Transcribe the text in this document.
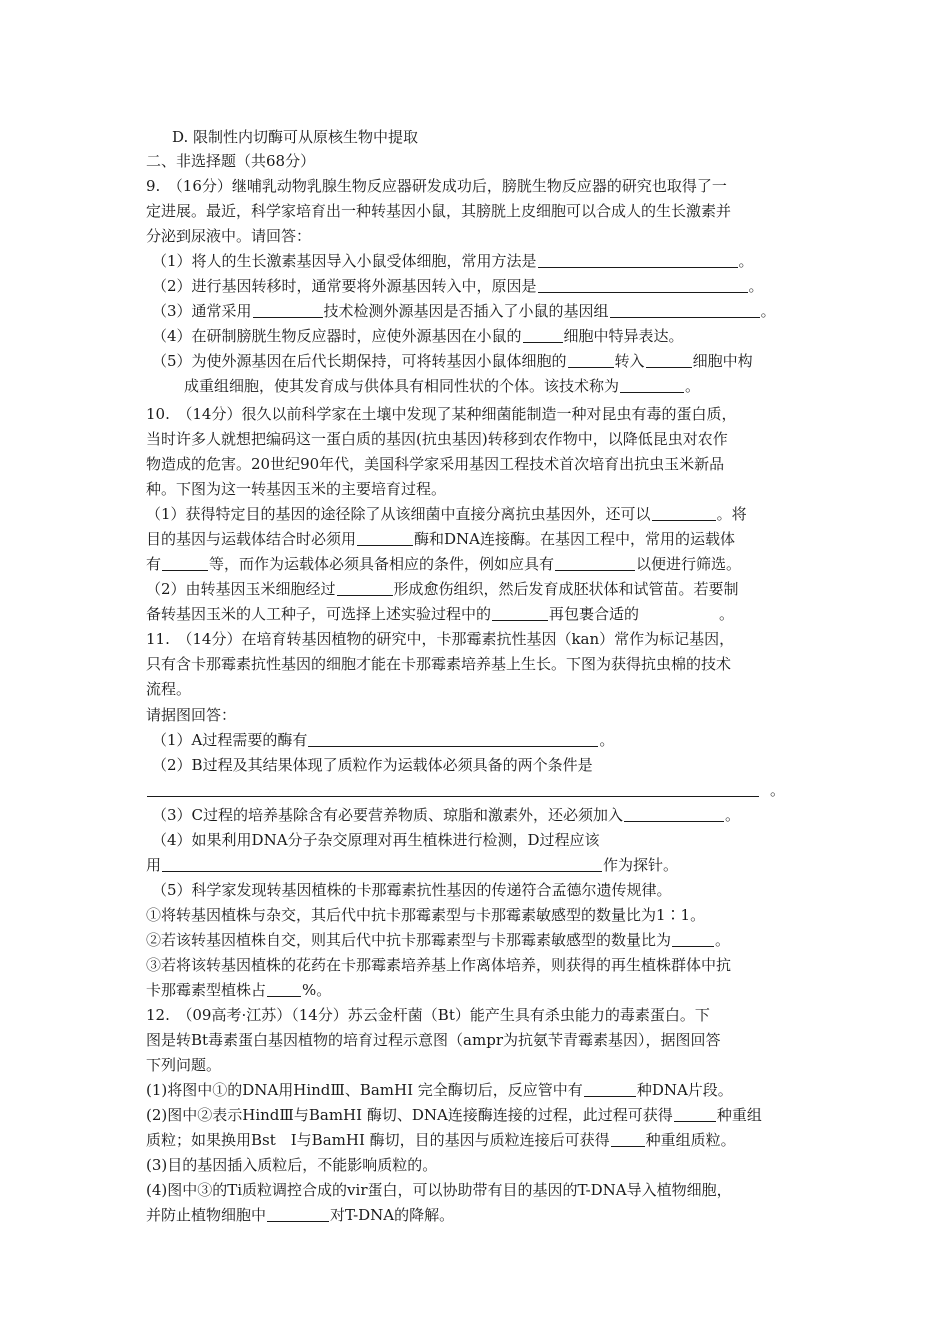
D. 限制性内切酶可从原核生物中提取
二、非选择题（共68分）
9.　（16分）继哺乳动物乳腺生物反应器研发成功后，膀胱生物反应器的研究也取得了一
定进展。最近，科学家培育出一种转基因小鼠，其膀胱上皮细胞可以合成人的生长激素并
分泌到尿液中。请回答：
（1）将人的生长激素基因导入小鼠受体细胞，常用方法是	。
（2）进行基因转移时，通常要将外源基因转入中，原因是	。
（3）通常采用	技术检测外源基因是否插入了小鼠的基因组	。
（4）在研制膀胱生物反应器时，应使外源基因在小鼠的	细胞中特异表达。
（5）为使外源基因在后代长期保持，可将转基因小鼠体细胞的	转入	细胞中构
成重组细胞，使其发育成与供体具有相同性状的个体。该技术称为	。
10.　（14分）很久以前科学家在土壤中发现了某种细菌能制造一种对昆虫有毒的蛋白质，
当时许多人就想把编码这一蛋白质的基因(抗虫基因)转移到农作物中，以降低昆虫对农作
物造成的危害。20世纪90年代，美国科学家采用基因工程技术首次培育出抗虫玉米新品
种。下图为这一转基因玉米的主要培育过程。
（1）获得特定目的基因的途径除了从该细菌中直接分离抗虫基因外，还可以	。将
目的基因与运载体结合时必须用	酶和DNA连接酶。在基因工程中，常用的运载体
有	等，而作为运载体必须具备相应的条件，例如应具有	以便进行筛选。
（2）由转基因玉米细胞经过	形成愈伤组织，然后发育成胚状体和试管苗。若要制
备转基因玉米的人工种子，可选择上述实验过程中的	再包裹合适的	。
11.　（14分）在培育转基因植物的研究中，卡那霉素抗性基因（kan）常作为标记基因，
只有含卡那霉素抗性基因的细胞才能在卡那霉素培养基上生长。下图为获得抗虫棉的技术
流程。
请据图回答：
（1）A过程需要的酶有	。
（2）B过程及其结果体现了质粒作为运载体必须具备的两个条件是
。
（3）C过程的培养基除含有必要营养物质、琼脂和激素外，还必须加入	。
（4）如果利用DNA分子杂交原理对再生植株进行检测，D过程应该
用	作为探针。
（5）科学家发现转基因植株的卡那霉素抗性基因的传递符合孟德尔遗传规律。
①将转基因植株与杂交，其后代中抗卡那霉素型与卡那霉素敏感型的数量比为1∶1。
②若该转基因植株自交，则其后代中抗卡那霉素型与卡那霉素敏感型的数量比为	。
③若将该转基因植株的花药在卡那霉素培养基上作离体培养，则获得的再生植株群体中抗
卡那霉素型植株占 %。
12.　（09高考·江苏）（14分）苏云金杆菌（Bt）能产生具有杀虫能力的毒素蛋白。下
图是转Bt毒素蛋白基因植物的培育过程示意图（ampr为抗氨苄青霉素基因），据图回答
下列问题。
(1)将图中①的DNA用HindⅢ、BamHⅠ 完全酶切后，反应管中有	种DNA片段。
(2)图中②表示HindⅢ与BamHⅠ 酶切、DNA连接酶连接的过程，此过程可获得	种重组
质粒；如果换用Bst　Ⅰ与BamHⅠ 酶切，目的基因与质粒连接后可获得 种重组质粒。
(3)目的基因插入质粒后，不能影响质粒的。
(4)图中③的Ti质粒调控合成的vir蛋白，可以协助带有目的基因的T-DNA导入植物细胞，
并防止植物细胞中	对T-DNA的降解。
